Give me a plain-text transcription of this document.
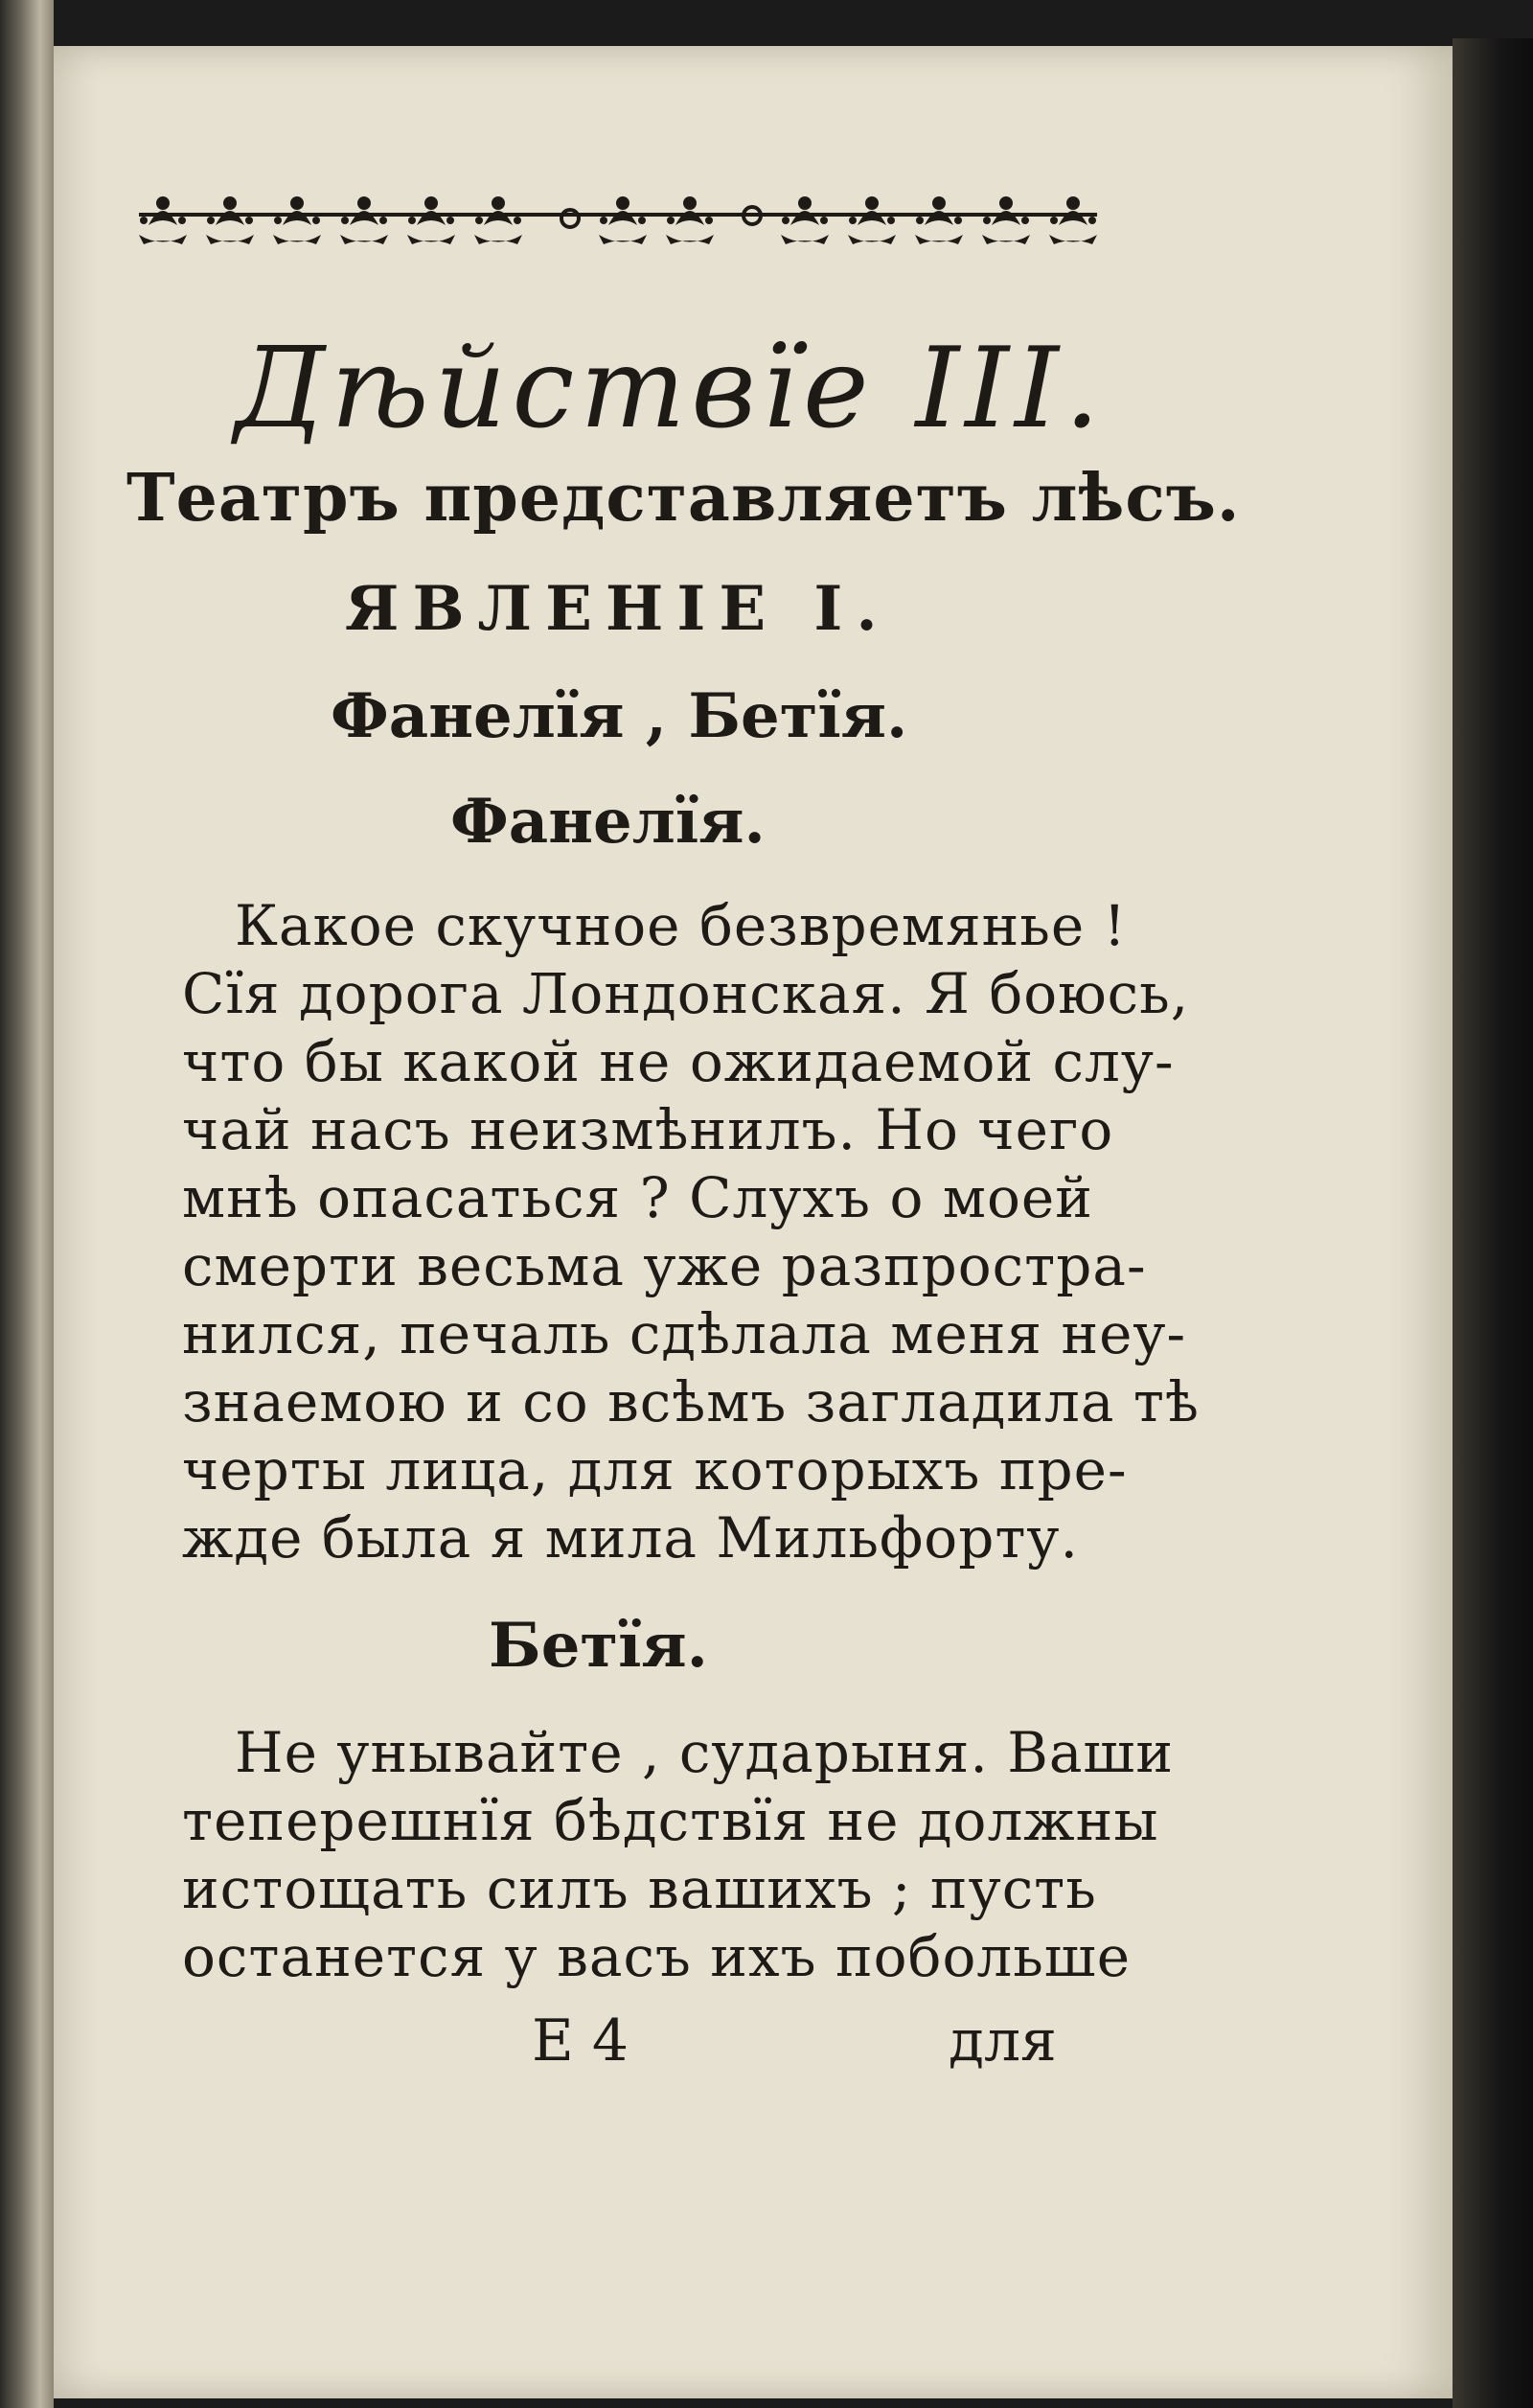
Дѣйствїе III.
Театръ представляетъ лѣсъ.
ЯВЛЕНIЕ I.
Фанелїя , Бетїя.
Фанелїя.
Какое скучное безвремянье !
Сїя дорога Лондонская. Я боюсь,
что бы какой не ожидаемой слу-
чай насъ неизмѣнилъ. Но чего
мнѣ опасаться ? Слухъ о моей
смерти весьма уже разпростра-
нился, печаль сдѣлала меня неу-
знаемою и со всѣмъ загладила тѣ
черты лица, для которыхъ пре-
жде была я мила Мильфорту.
Бетїя.
Не унывайте , сударыня. Ваши
теперешнїя бѣдствїя не должны
истощать силъ вашихъ ; пусть
останется у васъ ихъ побольше
E 4	для
